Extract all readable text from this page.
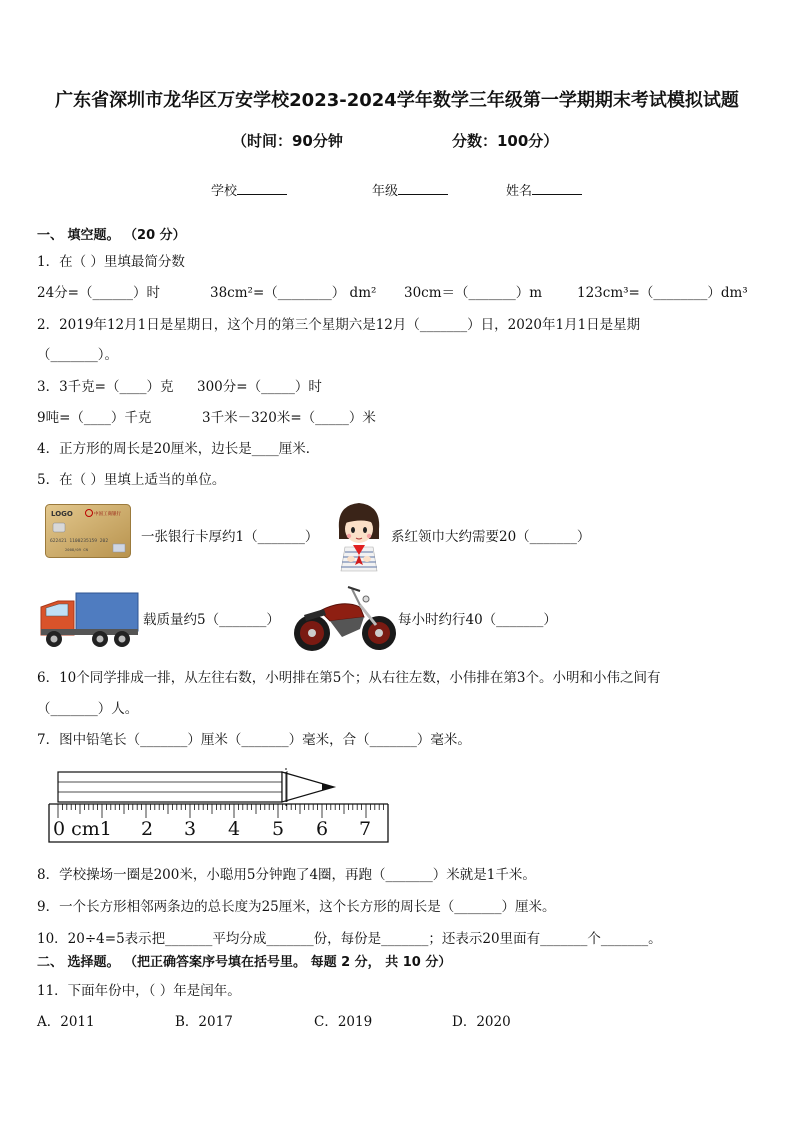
广东省深圳市龙华区万安学校2023-2024学年数学三年级第一学期期末考试模拟试题
（时间：90分钟	分数：100分）
学校	年级	姓名
一、 填空题。 （20 分）
1．在（ ）里填最简分数
24分=（______）时	38cm²=（________） dm² 30cm＝（_______）m	123cm³=（________）dm³
2．2019年12月1日是星期日，这个月的第三个星期六是12月（_______）日，2020年1月1日是星期
（_______）。
3．3千克=（____）克 300分=（_____）时
9吨=（____）千克	3千米－320米=（_____）米
4．正方形的周长是20厘米，边长是____厘米．
5．在（ ）里填上适当的单位。
LOGO	中国工商银行
622421 1100235159 202
2008/09 CN
一张银行卡厚约1（_______）	系红领巾大约需要20（_______）
载质量约5（_______）	每小时约行40（_______）
6．10个同学排成一排，从左往右数，小明排在第5个；从右往左数，小伟排在第3个。小明和小伟之间有
（_______）人。
7．图中铅笔长（_______）厘米（_______）毫米，合（_______）毫米。
0 cm1 2 3 4 5 6 7
8．学校操场一圈是200米，小聪用5分钟跑了4圈，再跑（_______）米就是1千米。
9．一个长方形相邻两条边的总长度为25厘米，这个长方形的周长是（_______）厘米。
10．20÷4=5表示把_______平均分成_______份，每份是_______；还表示20里面有_______个_______。
二、 选择题。 （把正确答案序号填在括号里。 每题 2 分， 共 10 分）
11．下面年份中，（ ）年是闰年。
A．2011	B．2017	C．2019	D．2020
